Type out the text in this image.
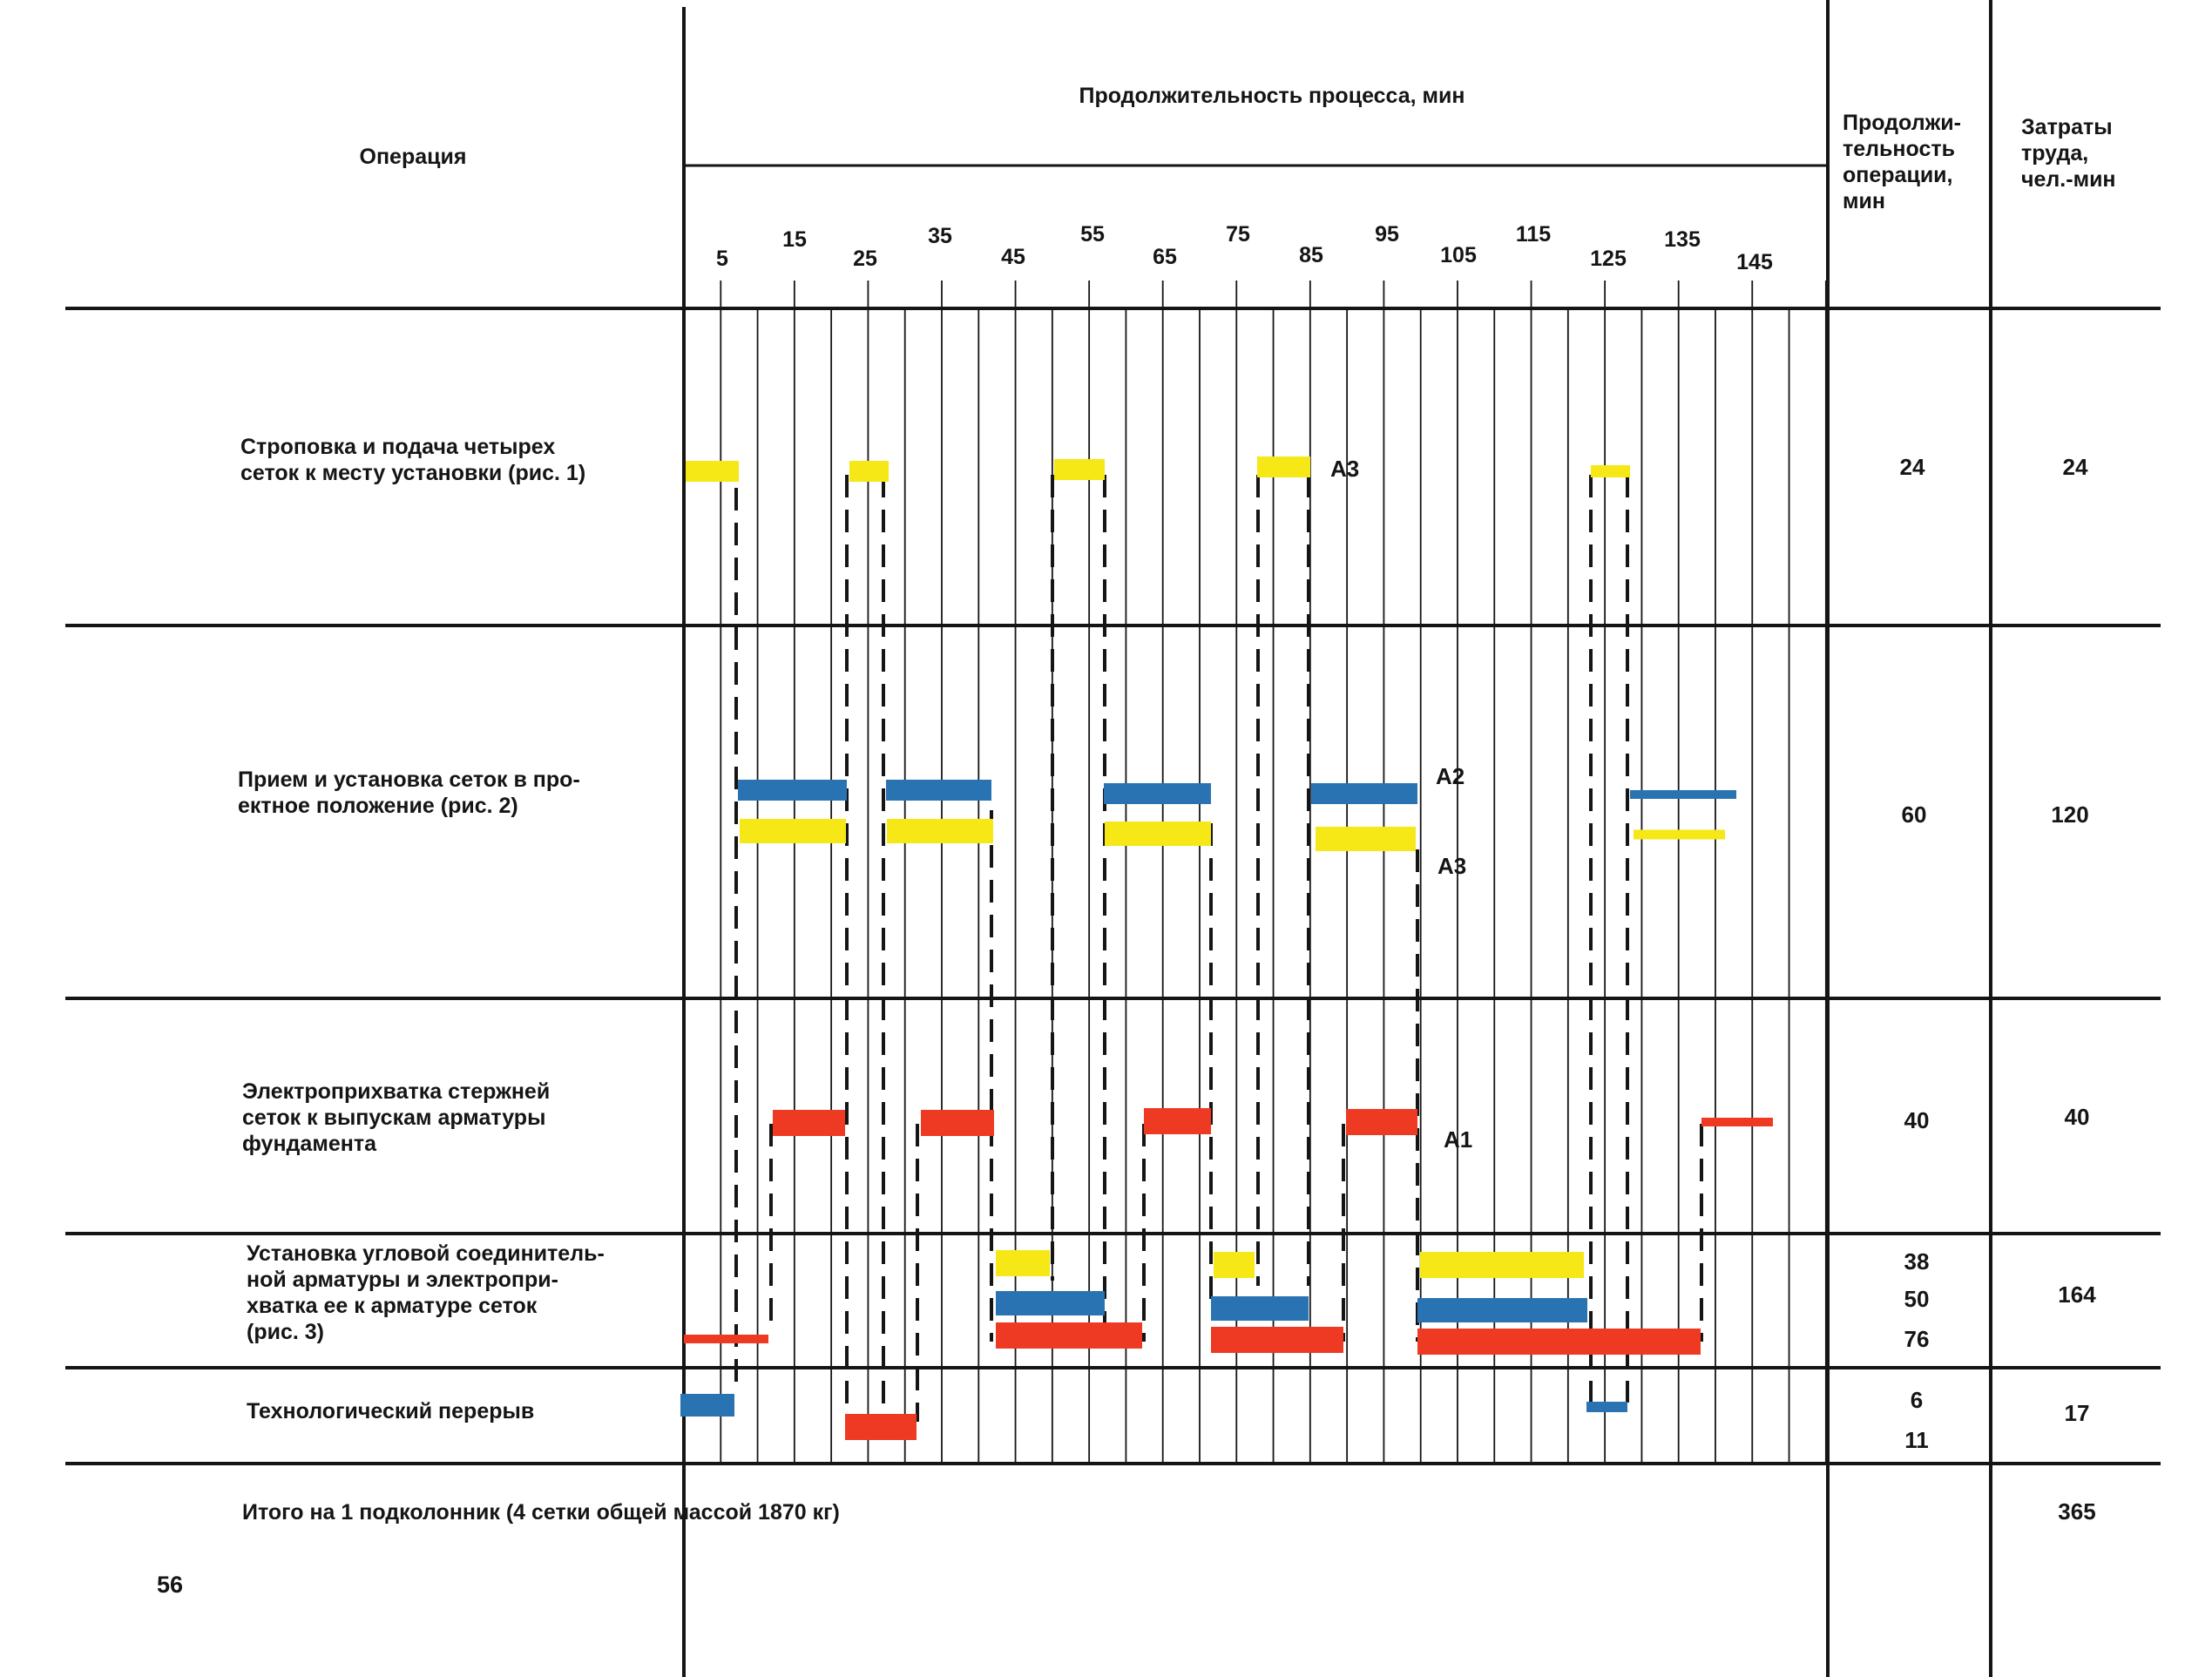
Операция
Продолжительность процесса, мин
Продолжи-
тельность
операции,
мин
Затраты
труда,
чел.-мин
5
15
25
35
45
55
65
75
85
95
105
115
125
135
145
Строповка и подача четырех
сеток к месту установки (рис. 1)
Прием и установка сеток в про-
ектное положение (рис. 2)
Электроприхватка стержней
сеток к выпускам арматуры
фундамента
Установка угловой соединитель-
ной арматуры и электропри-
хватка ее к арматуре сеток
(рис. 3)
Технологический перерыв
Итого на 1 подколонник (4 сетки общей массой 1870 кг)
24
60
40
38
50
76
6
11
24
120
40
164
17
365
А3
А2
А3
А1
56
